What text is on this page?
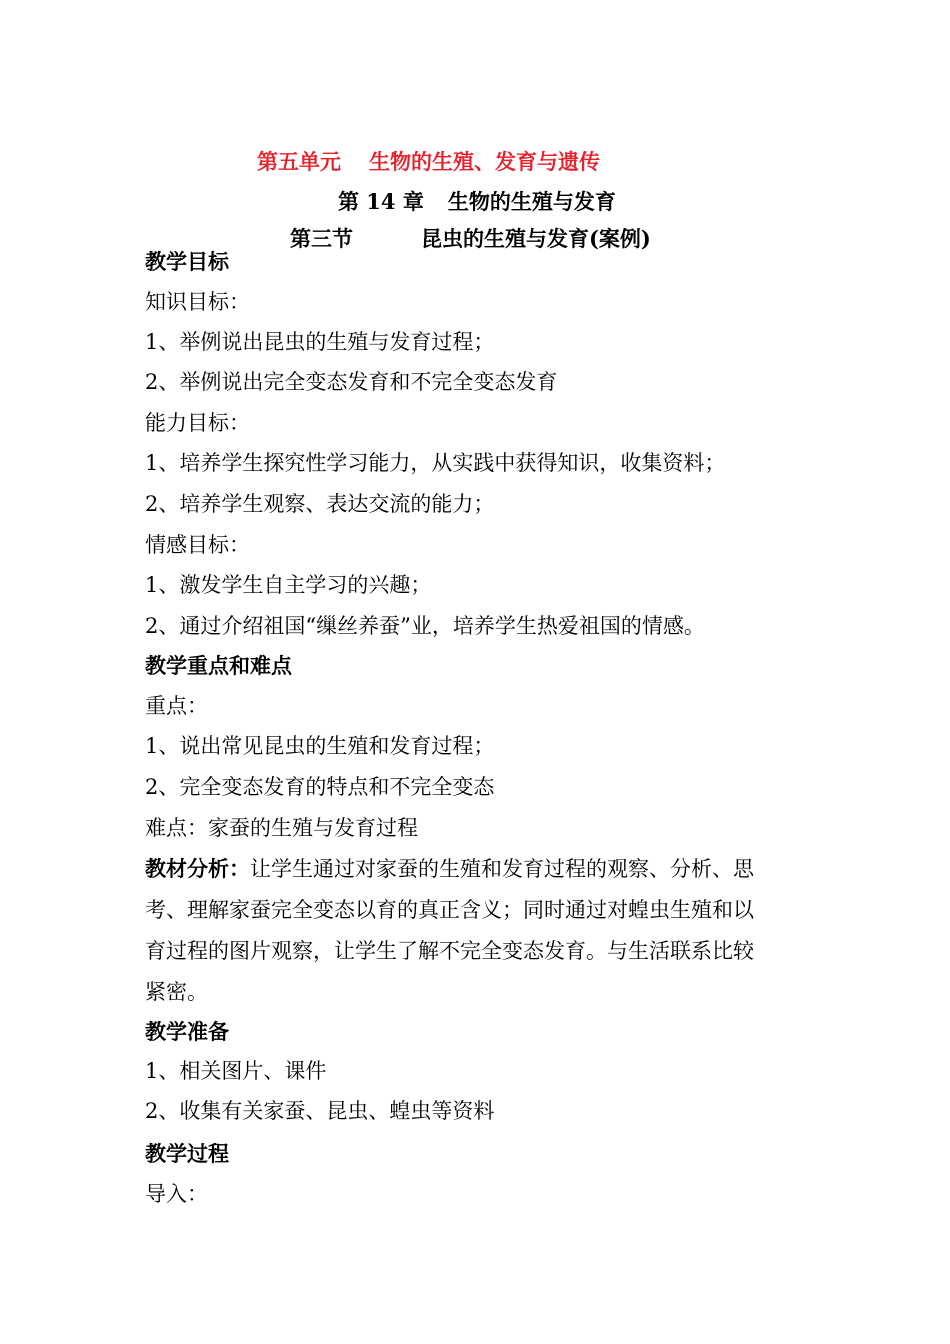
第五单元 生物的生殖、发育与遗传
第 14 章 生物的生殖与发育
第三节	昆虫的生殖与发育(案例)
教学目标
知识目标：
1、举例说出昆虫的生殖与发育过程；
2、举例说出完全变态发育和不完全变态发育
能力目标：
1、培养学生探究性学习能力，从实践中获得知识，收集资料；
2、培养学生观察、表达交流的能力；
情感目标：
1、激发学生自主学习的兴趣；
2、通过介绍祖国“缫丝养蚕”业，培养学生热爱祖国的情感。
教学重点和难点
重点：
1、说出常见昆虫的生殖和发育过程；
2、完全变态发育的特点和不完全变态
难点：家蚕的生殖与发育过程
教材分析：让学生通过对家蚕的生殖和发育过程的观察、分析、思
考、理解家蚕完全变态以育的真正含义；同时通过对蝗虫生殖和以
育过程的图片观察，让学生了解不完全变态发育。与生活联系比较
紧密。
教学准备
1、相关图片、课件
2、收集有关家蚕、昆虫、蝗虫等资料
教学过程
导入：
